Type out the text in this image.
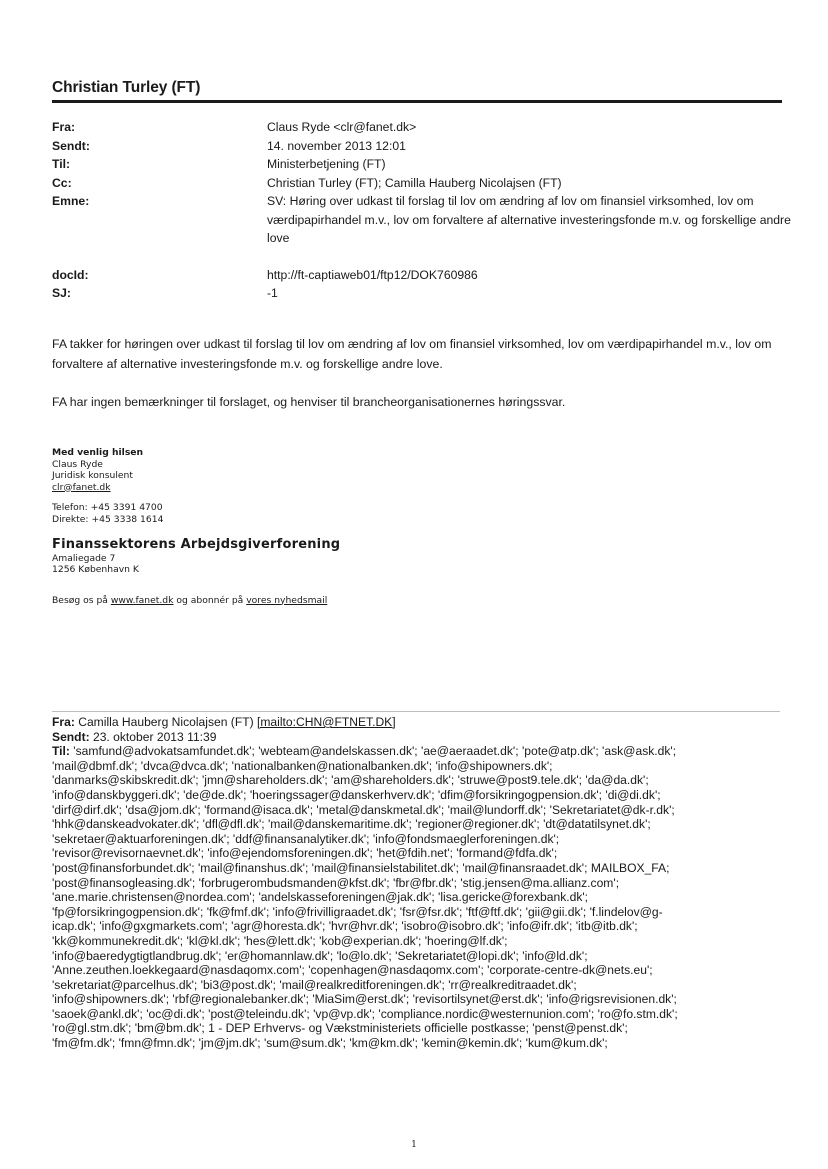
Christian Turley (FT)
Fra:	Claus Ryde <clr@fanet.dk>
Sendt:	14. november 2013 12:01
Til:	Ministerbetjening (FT)
Cc:	Christian Turley (FT); Camilla Hauberg Nicolajsen (FT)
Emne:	SV: Høring over udkast til forslag til lov om ændring af lov om finansiel virksomhed, lov om værdipapirhandel m.v., lov om forvaltere af alternative investeringsfonde m.v. og forskellige andre love
docId:	http://ft-captiaweb01/ftp12/DOK760986
SJ:	-1

FA takker for høringen over udkast til forslag til lov om ændring af lov om finansiel virksomhed, lov om værdipapirhandel m.v., lov om forvaltere af alternative investeringsfonde m.v. og forskellige andre love.

FA har ingen bemærkninger til forslaget, og henviser til brancheorganisationernes høringssvar.

Med venlig hilsen
Claus Ryde
Juridisk konsulent
clr@fanet.dk
Telefon: +45 3391 4700
Direkte: +45 3338 1614
Finanssektorens Arbejdsgiverforening
Amaliegade 7
1256 København K
Besøg os på www.fanet.dk og abonnér på vores nyhedsmail
Fra: Camilla Hauberg Nicolajsen (FT) [mailto:CHN@FTNET.DK]
Sendt: 23. oktober 2013 11:39
Til: 'samfund@advokatsamfundet.dk'; 'webteam@andelskassen.dk'; 'ae@aeraadet.dk'; 'pote@atp.dk'; 'ask@ask.dk';
'mail@dbmf.dk'; 'dvca@dvca.dk'; 'nationalbanken@nationalbanken.dk'; 'info@shipowners.dk';
'danmarks@skibskredit.dk'; 'jmn@shareholders.dk'; 'am@shareholders.dk'; 'struwe@post9.tele.dk'; 'da@da.dk';
'info@danskbyggeri.dk'; 'de@de.dk'; 'hoeringssager@danskerhverv.dk'; 'dfim@forsikringogpension.dk'; 'di@di.dk';
'dirf@dirf.dk'; 'dsa@jom.dk'; 'formand@isaca.dk'; 'metal@danskmetal.dk'; 'mail@lundorff.dk'; 'Sekretariatet@dk-r.dk';
'hhk@danskeadvokater.dk'; 'dfl@dfl.dk'; 'mail@danskemaritime.dk'; 'regioner@regioner.dk'; 'dt@datatilsynet.dk';
'sekretaer@aktuarforeningen.dk'; 'ddf@finansanalytiker.dk'; 'info@fondsmaeglerforeningen.dk';
'revisor@revisornaevnet.dk'; 'info@ejendomsforeningen.dk'; 'het@fdih.net'; 'formand@fdfa.dk';
'post@finansforbundet.dk'; 'mail@finanshus.dk'; 'mail@finansielstabilitet.dk'; 'mail@finansraadet.dk'; MAILBOX_FA;
'post@finansogleasing.dk'; 'forbrugerombudsmanden@kfst.dk'; 'fbr@fbr.dk'; 'stig.jensen@ma.allianz.com';
'ane.marie.christensen@nordea.com'; 'andelskasseforeningen@jak.dk'; 'lisa.gericke@forexbank.dk';
'fp@forsikringogpension.dk'; 'fk@fmf.dk'; 'info@frivilligraadet.dk'; 'fsr@fsr.dk'; 'ftf@ftf.dk'; 'gii@gii.dk'; 'f.lindelov@g-
icap.dk'; 'info@gxgmarkets.com'; 'agr@horesta.dk'; 'hvr@hvr.dk'; 'isobro@isobro.dk'; 'info@ifr.dk'; 'itb@itb.dk';
'kk@kommunekredit.dk'; 'kl@kl.dk'; 'hes@lett.dk'; 'kob@experian.dk'; 'hoering@lf.dk';
'info@baeredygtigtlandbrug.dk'; 'er@homannlaw.dk'; 'lo@lo.dk'; 'Sekretariatet@lopi.dk'; 'info@ld.dk';
'Anne.zeuthen.loekkegaard@nasdaqomx.com'; 'copenhagen@nasdaqomx.com'; 'corporate-centre-dk@nets.eu';
'sekretariat@parcelhus.dk'; 'bi3@post.dk'; 'mail@realkreditforeningen.dk'; 'rr@realkreditraadet.dk';
'info@shipowners.dk'; 'rbf@regionalebanker.dk'; 'MiaSim@erst.dk'; 'revisortilsynet@erst.dk'; 'info@rigsrevisionen.dk';
'saoek@ankl.dk'; 'oc@di.dk'; 'post@teleindu.dk'; 'vp@vp.dk'; 'compliance.nordic@westernunion.com'; 'ro@fo.stm.dk';
'ro@gl.stm.dk'; 'bm@bm.dk'; 1 - DEP Erhvervs- og Vækstministeriets officielle postkasse; 'penst@penst.dk';
'fm@fm.dk'; 'fmn@fmn.dk'; 'jm@jm.dk'; 'sum@sum.dk'; 'km@km.dk'; 'kemin@kemin.dk'; 'kum@kum.dk';
1
